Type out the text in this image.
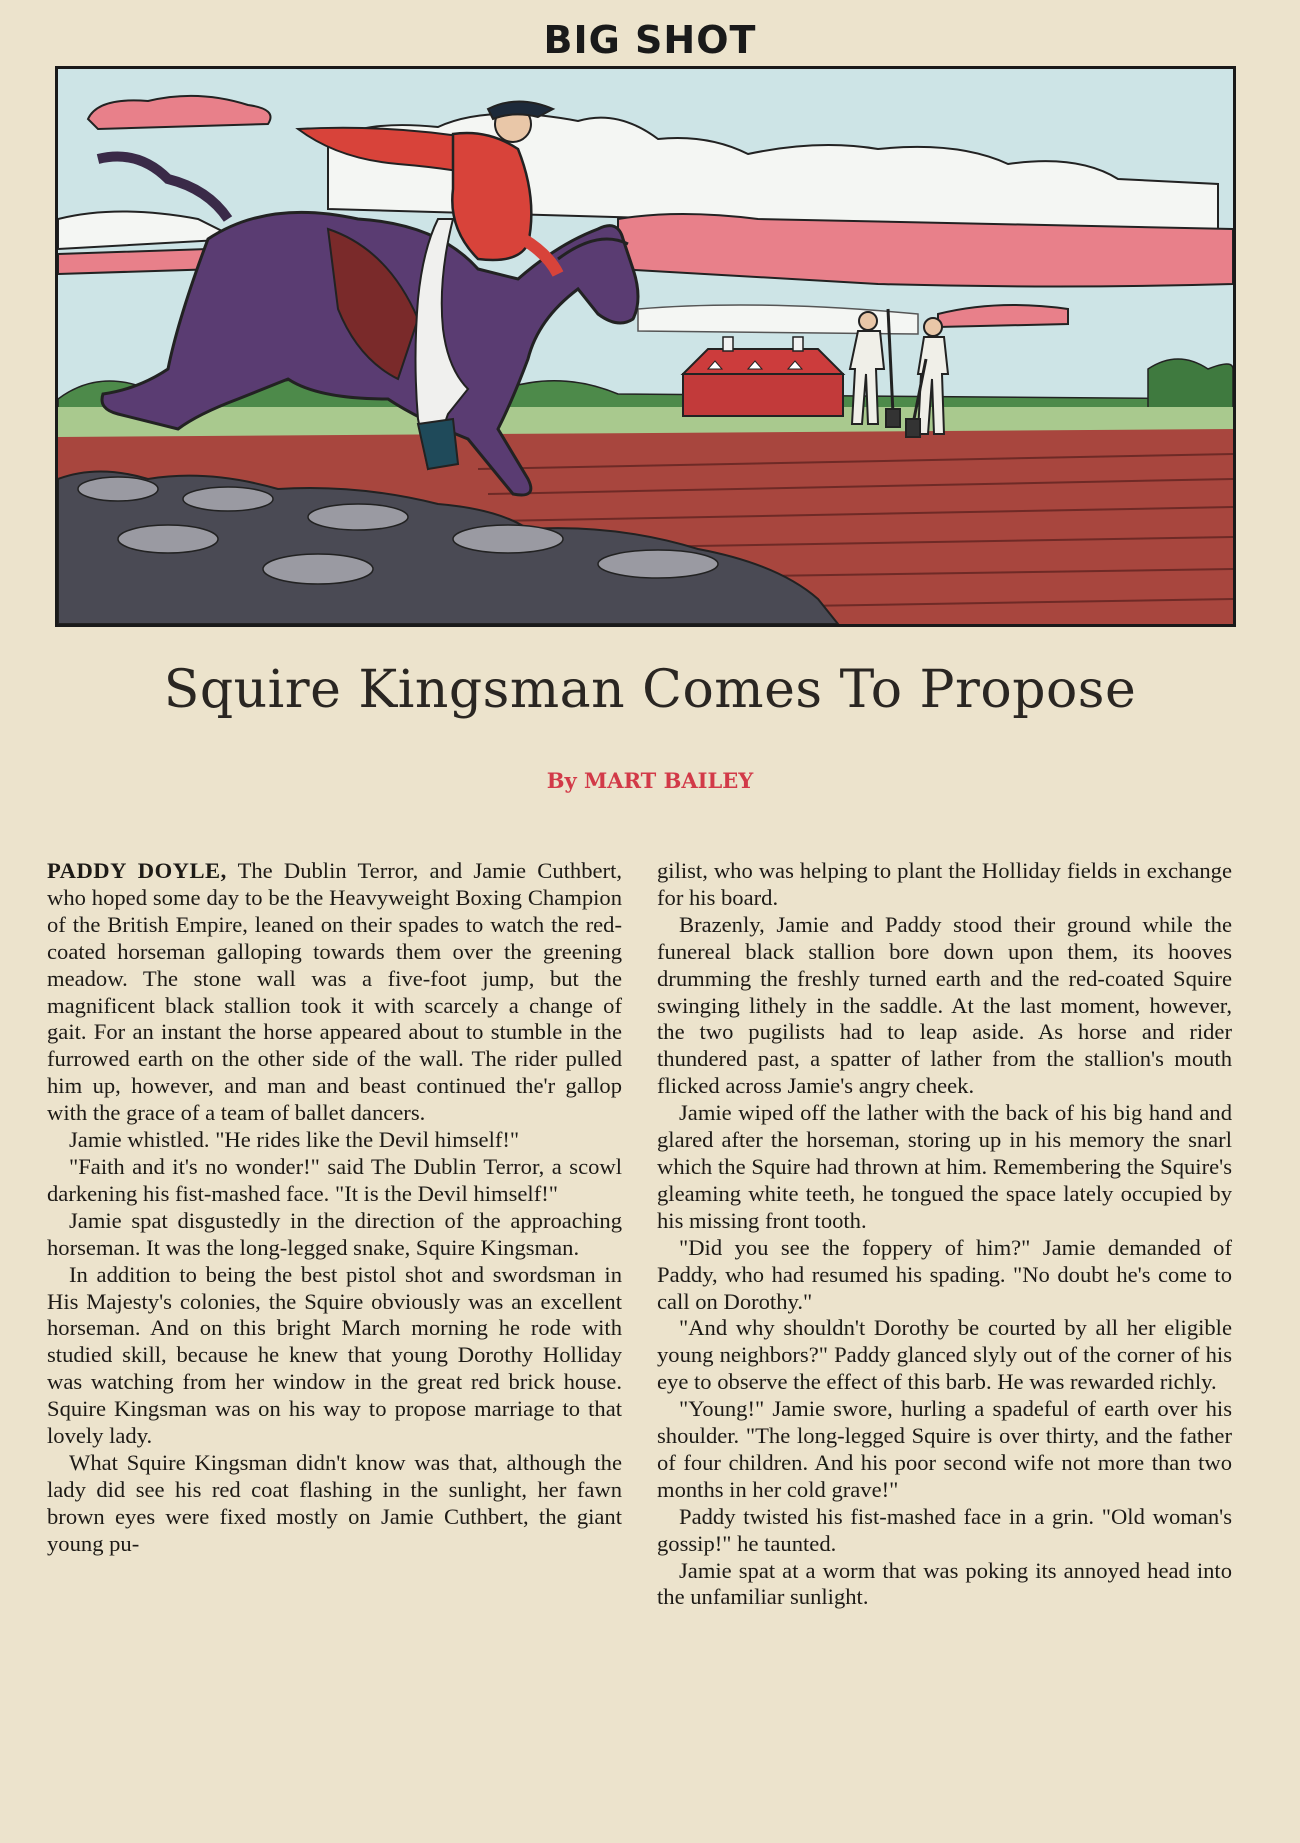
BIG SHOT
Squire Kingsman Comes To Propose
By MART BAILEY

PADDY DOYLE, The Dublin Terror, and Jamie Cuthbert, who hoped some day to be the Heavyweight Boxing Champion of the British Empire, leaned on their spades to watch the red-coated horseman galloping towards them over the greening meadow. The stone wall was a five-foot jump, but the magnificent black stallion took it with scarcely a change of gait. For an instant the horse appeared about to stumble in the furrowed earth on the other side of the wall. The rider pulled him up, however, and man and beast continued the'r gallop with the grace of a team of ballet dancers.

Jamie whistled. "He rides like the Devil himself!"

"Faith and it's no wonder!" said The Dublin Terror, a scowl darkening his fist-mashed face. "It is the Devil himself!"

Jamie spat disgustedly in the direction of the approaching horseman. It was the long-legged snake, Squire Kingsman.

In addition to being the best pistol shot and swordsman in His Majesty's colonies, the Squire obviously was an excellent horseman. And on this bright March morning he rode with studied skill, because he knew that young Dorothy Holliday was watching from her window in the great red brick house. Squire Kingsman was on his way to propose marriage to that lovely lady.

What Squire Kingsman didn't know was that, although the lady did see his red coat flashing in the sunlight, her fawn brown eyes were fixed mostly on Jamie Cuthbert, the giant young pu-

gilist, who was helping to plant the Holliday fields in exchange for his board.

Brazenly, Jamie and Paddy stood their ground while the funereal black stallion bore down upon them, its hooves drumming the freshly turned earth and the red-coated Squire swinging lithely in the saddle. At the last moment, however, the two pugilists had to leap aside. As horse and rider thundered past, a spatter of lather from the stallion's mouth flicked across Jamie's angry cheek.

Jamie wiped off the lather with the back of his big hand and glared after the horseman, storing up in his memory the snarl which the Squire had thrown at him. Remembering the Squire's gleaming white teeth, he tongued the space lately occupied by his missing front tooth.

"Did you see the foppery of him?" Jamie demanded of Paddy, who had resumed his spading. "No doubt he's come to call on Dorothy."

"And why shouldn't Dorothy be courted by all her eligible young neighbors?" Paddy glanced slyly out of the corner of his eye to observe the effect of this barb. He was rewarded richly.

"Young!" Jamie swore, hurling a spadeful of earth over his shoulder. "The long-legged Squire is over thirty, and the father of four children. And his poor second wife not more than two months in her cold grave!"

Paddy twisted his fist-mashed face in a grin. "Old woman's gossip!" he taunted.

Jamie spat at a worm that was poking its annoyed head into the unfamiliar sunlight.
